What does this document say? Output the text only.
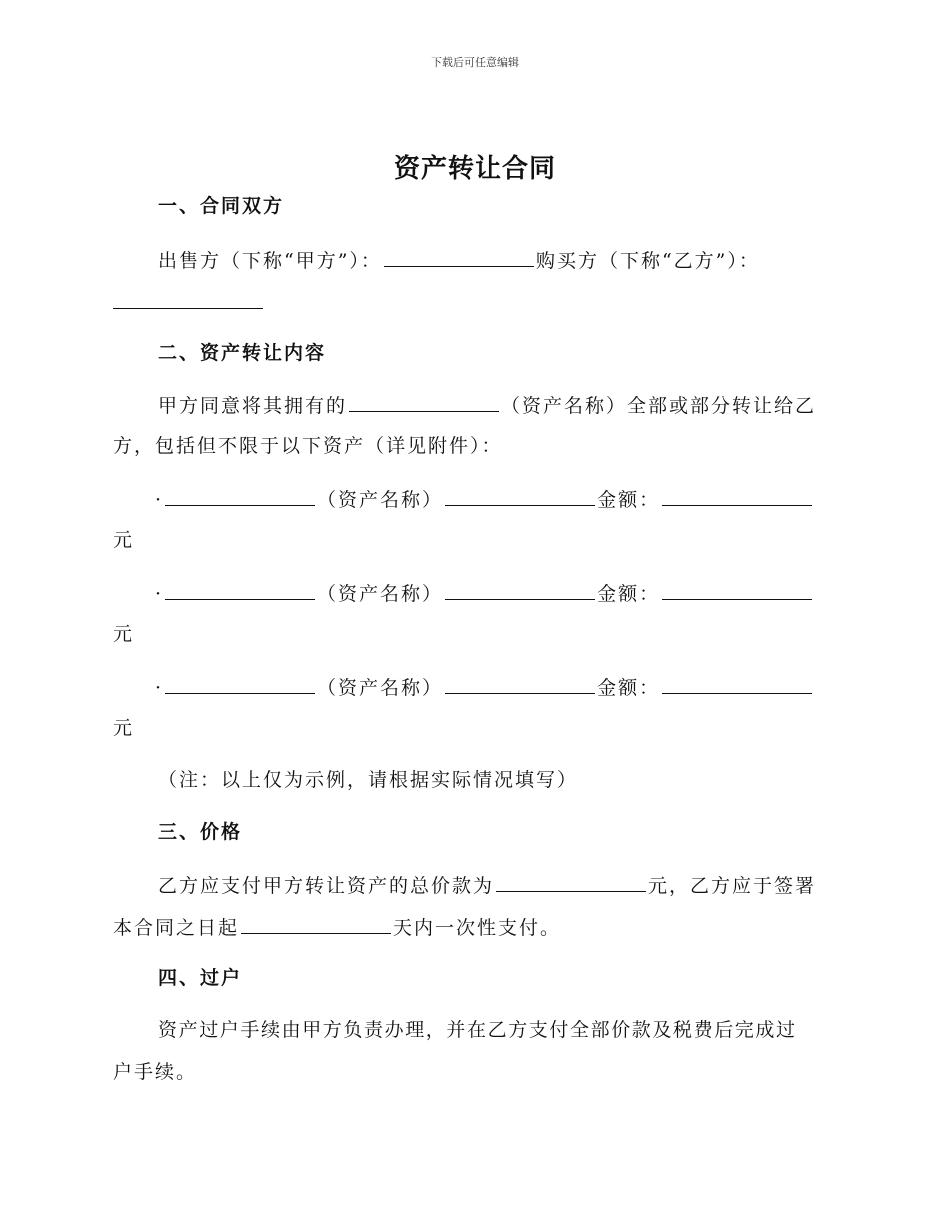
下载后可任意编辑
资产转让合同
一、合同双方
出售方（下称“甲方”）：	购买方（下称“乙方”）：
二、资产转让内容
甲方同意将其拥有的	（资产名称）全部或部分转让给乙
方，包括但不限于以下资产（详见附件）：
·	（资产名称）	金额：
元
·	（资产名称）	金额：
元
·	（资产名称）	金额：
元
（注：以上仅为示例，请根据实际情况填写）
三、价格
乙方应支付甲方转让资产的总价款为	元，乙方应于签署
本合同之日起	天内一次性支付。
四、过户
资产过户手续由甲方负责办理，并在乙方支付全部价款及税费后完成过
户手续。
